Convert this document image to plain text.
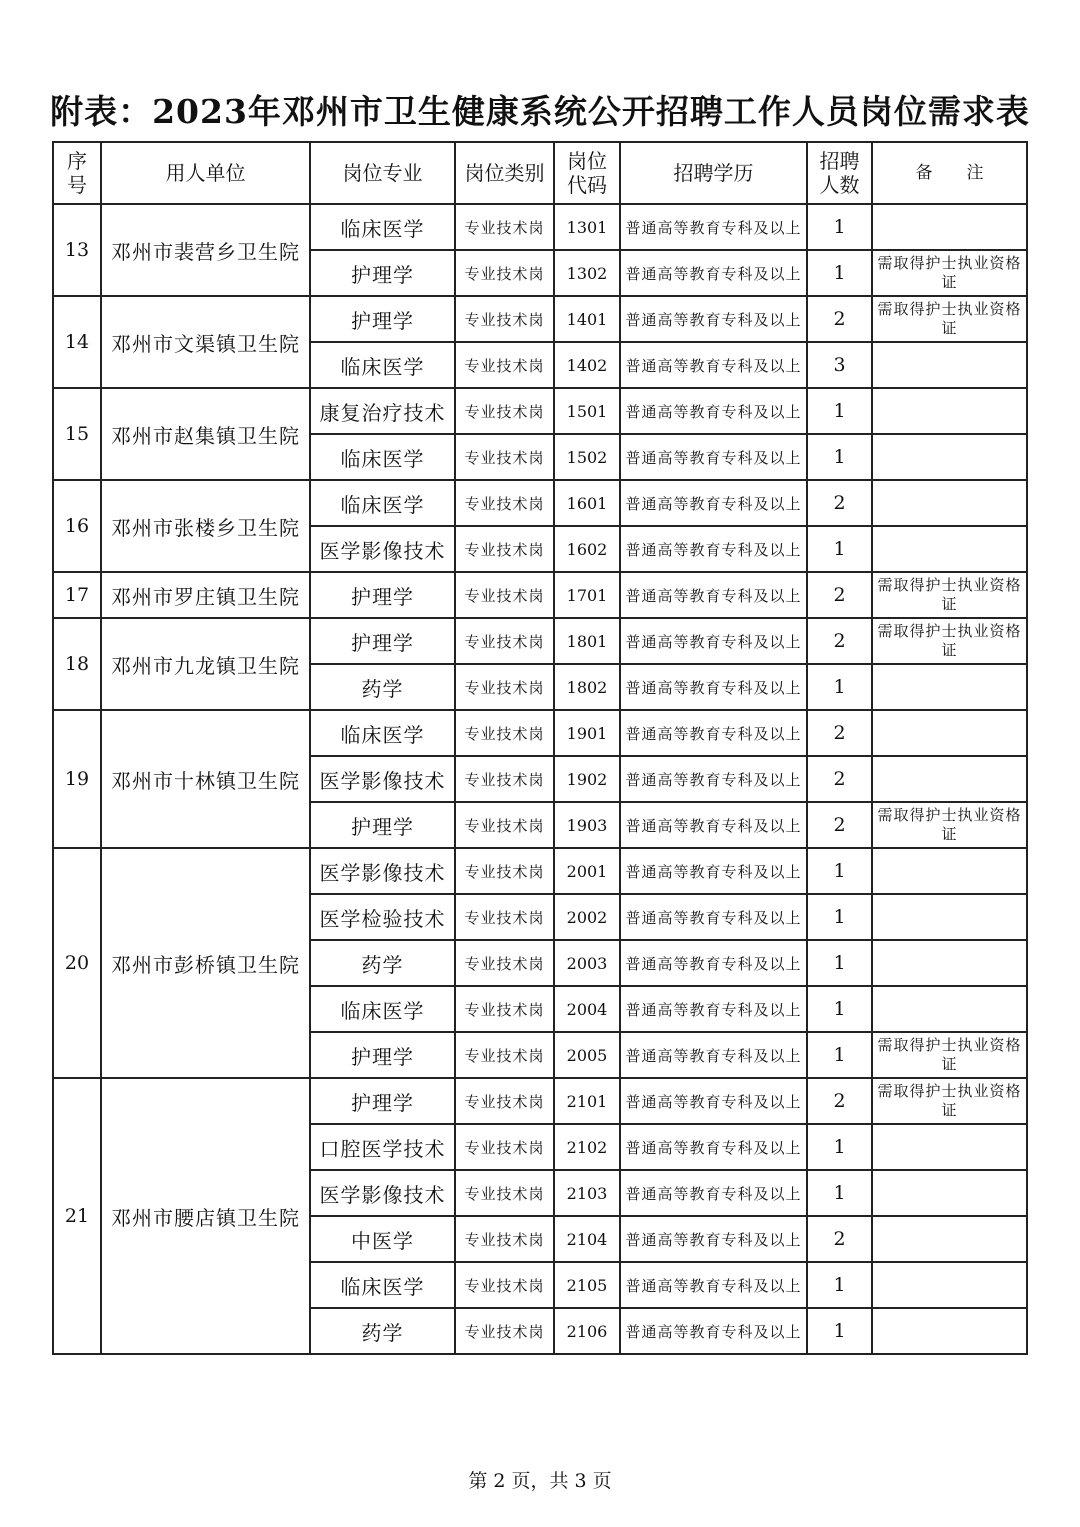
附表：2023年邓州市卫生健康系统公开招聘工作人员岗位需求表
序号	用人单位	岗位专业	岗位类别	岗位代码	招聘学历	招聘人数	备　　注
13	邓州市裴营乡卫生院	临床医学	专业技术岗	1301	普通高等教育专科及以上	1	
		护理学	专业技术岗	1302	普通高等教育专科及以上	1	需取得护士执业资格证
14	邓州市文渠镇卫生院	护理学	专业技术岗	1401	普通高等教育专科及以上	2	需取得护士执业资格证
		临床医学	专业技术岗	1402	普通高等教育专科及以上	3	
15	邓州市赵集镇卫生院	康复治疗技术	专业技术岗	1501	普通高等教育专科及以上	1	
		临床医学	专业技术岗	1502	普通高等教育专科及以上	1	
16	邓州市张楼乡卫生院	临床医学	专业技术岗	1601	普通高等教育专科及以上	2	
		医学影像技术	专业技术岗	1602	普通高等教育专科及以上	1	
17	邓州市罗庄镇卫生院	护理学	专业技术岗	1701	普通高等教育专科及以上	2	需取得护士执业资格证
18	邓州市九龙镇卫生院	护理学	专业技术岗	1801	普通高等教育专科及以上	2	需取得护士执业资格证
		药学	专业技术岗	1802	普通高等教育专科及以上	1	
19	邓州市十林镇卫生院	临床医学	专业技术岗	1901	普通高等教育专科及以上	2	
		医学影像技术	专业技术岗	1902	普通高等教育专科及以上	2	
		护理学	专业技术岗	1903	普通高等教育专科及以上	2	需取得护士执业资格证
20	邓州市彭桥镇卫生院	医学影像技术	专业技术岗	2001	普通高等教育专科及以上	1	
		医学检验技术	专业技术岗	2002	普通高等教育专科及以上	1	
		药学	专业技术岗	2003	普通高等教育专科及以上	1	
		临床医学	专业技术岗	2004	普通高等教育专科及以上	1	
		护理学	专业技术岗	2005	普通高等教育专科及以上	1	需取得护士执业资格证
21	邓州市腰店镇卫生院	护理学	专业技术岗	2101	普通高等教育专科及以上	2	需取得护士执业资格证
		口腔医学技术	专业技术岗	2102	普通高等教育专科及以上	1	
		医学影像技术	专业技术岗	2103	普通高等教育专科及以上	1	
		中医学	专业技术岗	2104	普通高等教育专科及以上	2	
		临床医学	专业技术岗	2105	普通高等教育专科及以上	1	
		药学	专业技术岗	2106	普通高等教育专科及以上	1	
第 2 页，共 3 页
